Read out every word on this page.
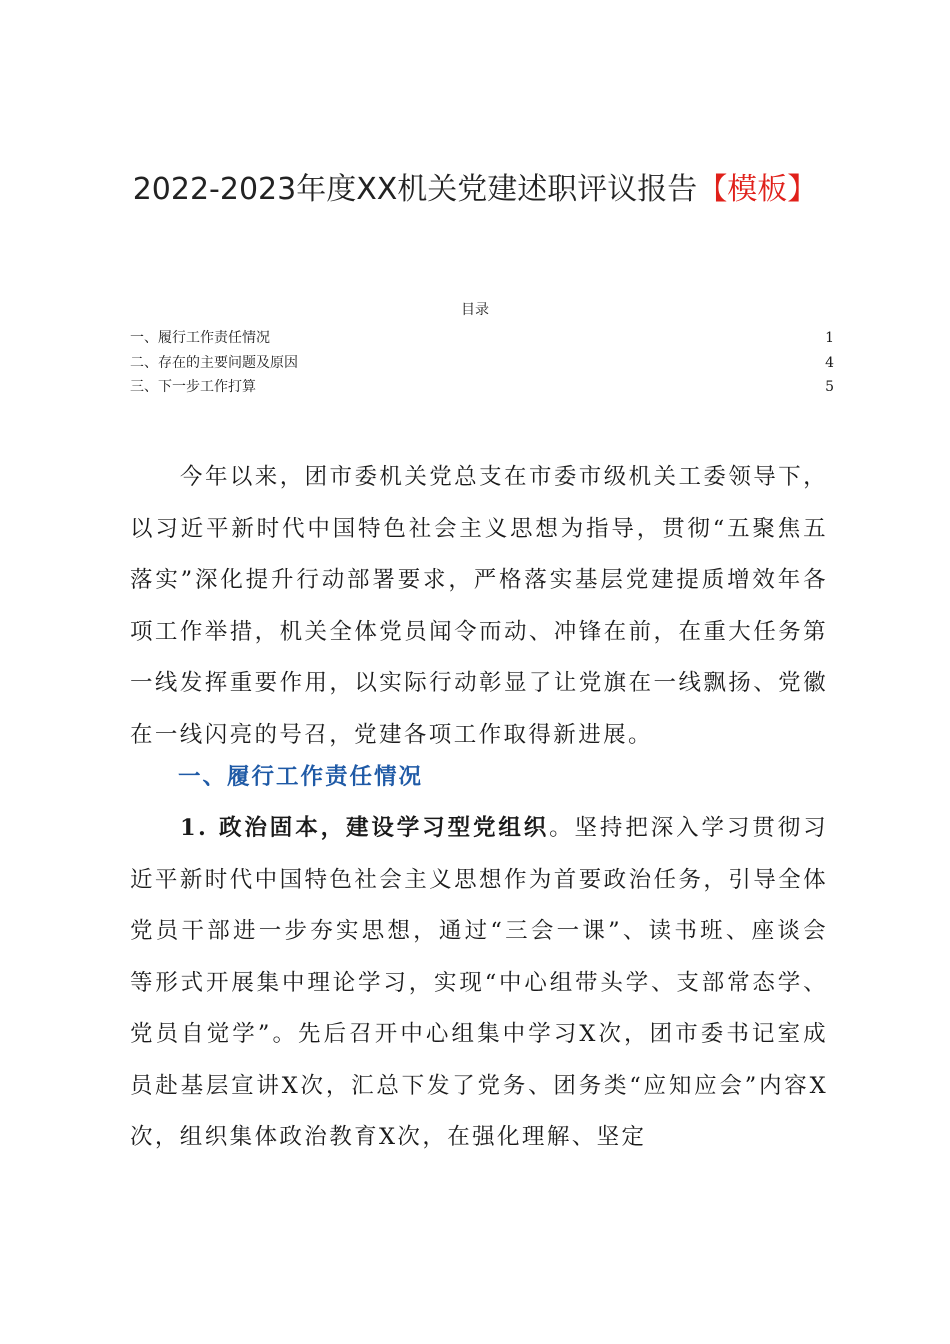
2022-2023年度XX机关党建述职评议报告【模板】
目录
一、履行工作责任情况	1
二、存在的主要问题及原因	4
三、下一步工作打算	5

今年以来，团市委机关党总支在市委市级机关工委领导下，以习近平新时代中国特色社会主义思想为指导，贯彻“五聚焦五落实”深化提升行动部署要求，严格落实基层党建提质增效年各项工作举措，机关全体党员闻令而动、冲锋在前，在重大任务第一线发挥重要作用，以实际行动彰显了让党旗在一线飘扬、党徽在一线闪亮的号召，党建各项工作取得新进展。

一、履行工作责任情况

1. 政治固本，建设学习型党组织。坚持把深入学习贯彻习近平新时代中国特色社会主义思想作为首要政治任务，引导全体党员干部进一步夯实思想，通过“三会一课”、读书班、座谈会等形式开展集中理论学习，实现“中心组带头学、支部常态学、党员自觉学”。先后召开中心组集中学习X次，团市委书记室成员赴基层宣讲X次，汇总下发了党务、团务类“应知应会”内容X次，组织集体政治教育X次，在强化理解、坚定
